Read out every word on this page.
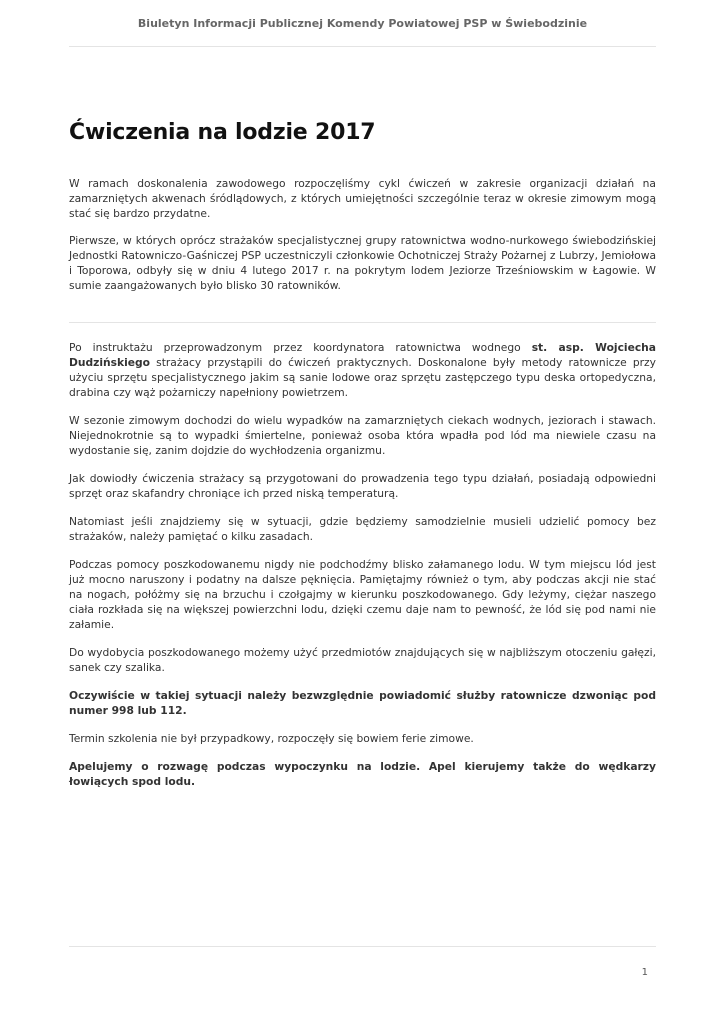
Biuletyn Informacji Publicznej Komendy Powiatowej PSP w Świebodzinie
Ćwiczenia na lodzie 2017

W ramach doskonalenia zawodowego rozpoczęliśmy cykl ćwiczeń w zakresie organizacji działań na zamarzniętych akwenach śródlądowych, z których umiejętności szczególnie teraz w okresie zimowym mogą stać się bardzo przydatne.

Pierwsze, w których oprócz strażaków specjalistycznej grupy ratownictwa wodno-nurkowego świebodzińskiej Jednostki Ratowniczo-Gaśniczej PSP uczestniczyli członkowie Ochotniczej Straży Pożarnej z Lubrzy, Jemiołowa i Toporowa, odbyły się w dniu 4 lutego 2017 r. na pokrytym lodem Jeziorze Trześniowskim w Łagowie. W sumie zaangażowanych było blisko 30 ratowników.

Po instruktażu przeprowadzonym przez koordynatora ratownictwa wodnego st. asp. Wojciecha Dudzińskiego strażacy przystąpili do ćwiczeń praktycznych. Doskonalone były metody ratownicze przy użyciu sprzętu specjalistycznego jakim są sanie lodowe oraz sprzętu zastępczego typu deska ortopedyczna, drabina czy wąż pożarniczy napełniony powietrzem.

W sezonie zimowym dochodzi do wielu wypadków na zamarzniętych ciekach wodnych, jeziorach i stawach. Niejednokrotnie są to wypadki śmiertelne, ponieważ osoba która wpadła pod lód ma niewiele czasu na wydostanie się, zanim dojdzie do wychłodzenia organizmu.

Jak dowiodły ćwiczenia strażacy są przygotowani do prowadzenia tego typu działań, posiadają odpowiedni sprzęt oraz skafandry chroniące ich przed niską temperaturą.

Natomiast jeśli znajdziemy się w sytuacji, gdzie będziemy samodzielnie musieli udzielić pomocy bez strażaków, należy pamiętać o kilku zasadach.

Podczas pomocy poszkodowanemu nigdy nie podchodźmy blisko załamanego lodu. W tym miejscu lód jest już mocno naruszony i podatny na dalsze pęknięcia. Pamiętajmy również o tym, aby podczas akcji nie stać na nogach, połóżmy się na brzuchu i czołgajmy w kierunku poszkodowanego. Gdy leżymy, ciężar naszego ciała rozkłada się na większej powierzchni lodu, dzięki czemu daje nam to pewność, że lód się pod nami nie załamie.

Do wydobycia poszkodowanego możemy użyć przedmiotów znajdujących się w najbliższym otoczeniu gałęzi, sanek czy szalika.

Oczywiście w takiej sytuacji należy bezwzględnie powiadomić służby ratownicze dzwoniąc pod numer 998 lub 112.

Termin szkolenia nie był przypadkowy, rozpoczęły się bowiem ferie zimowe.

Apelujemy o rozwagę podczas wypoczynku na lodzie. Apel kierujemy także do wędkarzy łowiących spod lodu.

1
